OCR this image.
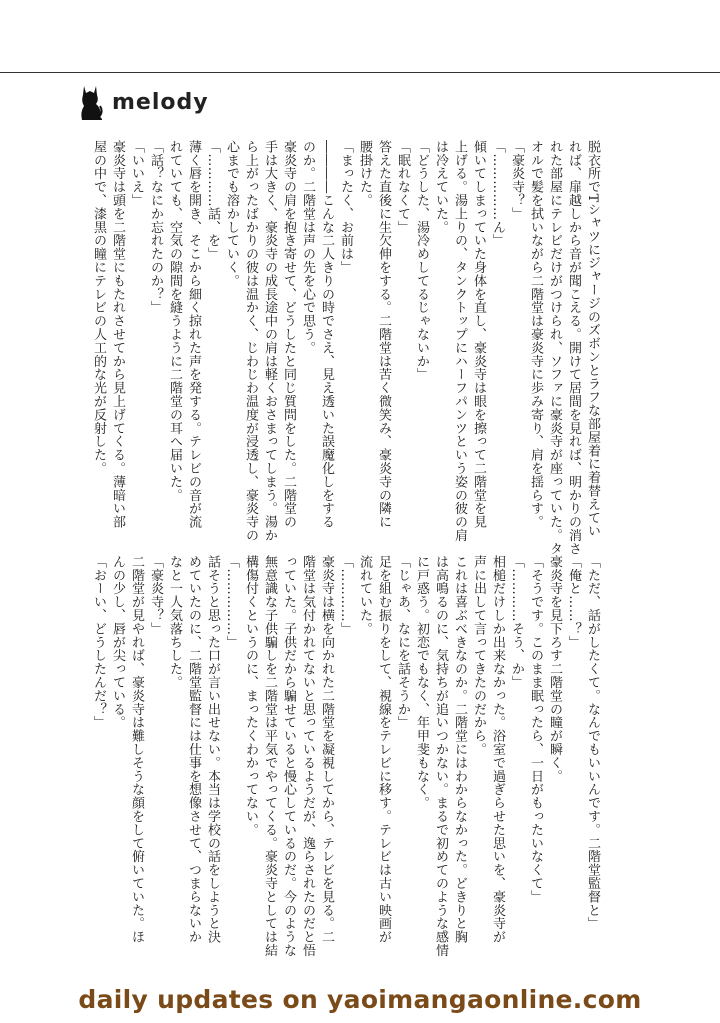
melody

脱衣所でTシャツにジャージのズボンとラフな部屋着に着替えてい

れば、扉越しから音が聞こえる。開けて居間を見れば、明かりの消さ

れた部屋にテレビだけがつけられ、ソファに豪炎寺が座っていた。タ

オルで髪を拭いながら二階堂は豪炎寺に歩み寄り、肩を揺らす。

「豪炎寺？」

「……………ん」

傾いてしまっていた身体を直し、豪炎寺は眼を擦って二階堂を見

上げる。湯上りの、タンクトップにハーフパンツという姿の彼の肩

は冷えていた。

「どうした、湯冷めしてるじゃないか」

「眠れなくて」

答えた直後に生欠伸をする。二階堂は苦く微笑み、豪炎寺の隣に

腰掛けた。

「まったく、お前は」

――――こんな二人きりの時でさえ、見え透いた誤魔化しをする

のか。二階堂は声の先を心で思う。

豪炎寺の肩を抱き寄せて、どうしたと同じ質問をした。二階堂の

手は大きく、豪炎寺の成長途中の肩は軽くおさまってしまう。湯か

ら上がったばかりの彼は温かく、じわじわ温度が浸透し、豪炎寺の

心までも溶かしていく。

「…………話、を」

薄く唇を開き、そこから細く掠れた声を発する。テレビの音が流

れていても、空気の隙間を縫うように二階堂の耳へ届いた。

「話？なにか忘れたのか？」

「いいえ」

豪炎寺は頭を二階堂にもたれさせてから見上げてくる。薄暗い部

屋の中で、漆黒の瞳にテレビの人工的な光が反射した。

「ただ、話がしたくて。なんでもいいんです。二階堂監督と」

「俺と……？」

豪炎寺を見下ろす二階堂の瞳が瞬く。

「そうです。このまま眠ったら、一日がもったいなくて」

「…………そう、か」

相槌だけしか出来なかった。浴室で過ぎらせた思いを、豪炎寺が

声に出して言ってきたのだから。

これは喜ぶべきなのか。二階堂にはわからなかった。どきりと胸

は高鳴るのに、気持ちが追いつかない。まるで初めてのような感情

に戸惑う。初恋でもなく、年甲斐もなく。

「じゃあ、なにを話そうか」

足を組む振りをして、視線をテレビに移す。テレビは古い映画が

流れていた。

「…………」

豪炎寺は横を向かれた二階堂を凝視してから、テレビを見る。二

階堂は気付かれてないと思っているようだが、逸らされたのだと悟

っていた。子供だから騙せていると慢心しているのだ。今のような

無意識な子供騙しを二階堂は平気でやってくる。豪炎寺としては結

構傷付くというのに、まったくわかってない。

「……………」

話そうと思った口が言い出せない。本当は学校の話をしようと決

めていたのに、二階堂監督には仕事を想像させて、つまらないか

なと一人気落ちした。

「豪炎寺？」

二階堂が見やれば、豪炎寺は難しそうな顔をして俯いていた。ほ

んの少し、唇が尖っている。

「おーい、どうしたんだ？」

daily updates on yaoimangaonline.com
